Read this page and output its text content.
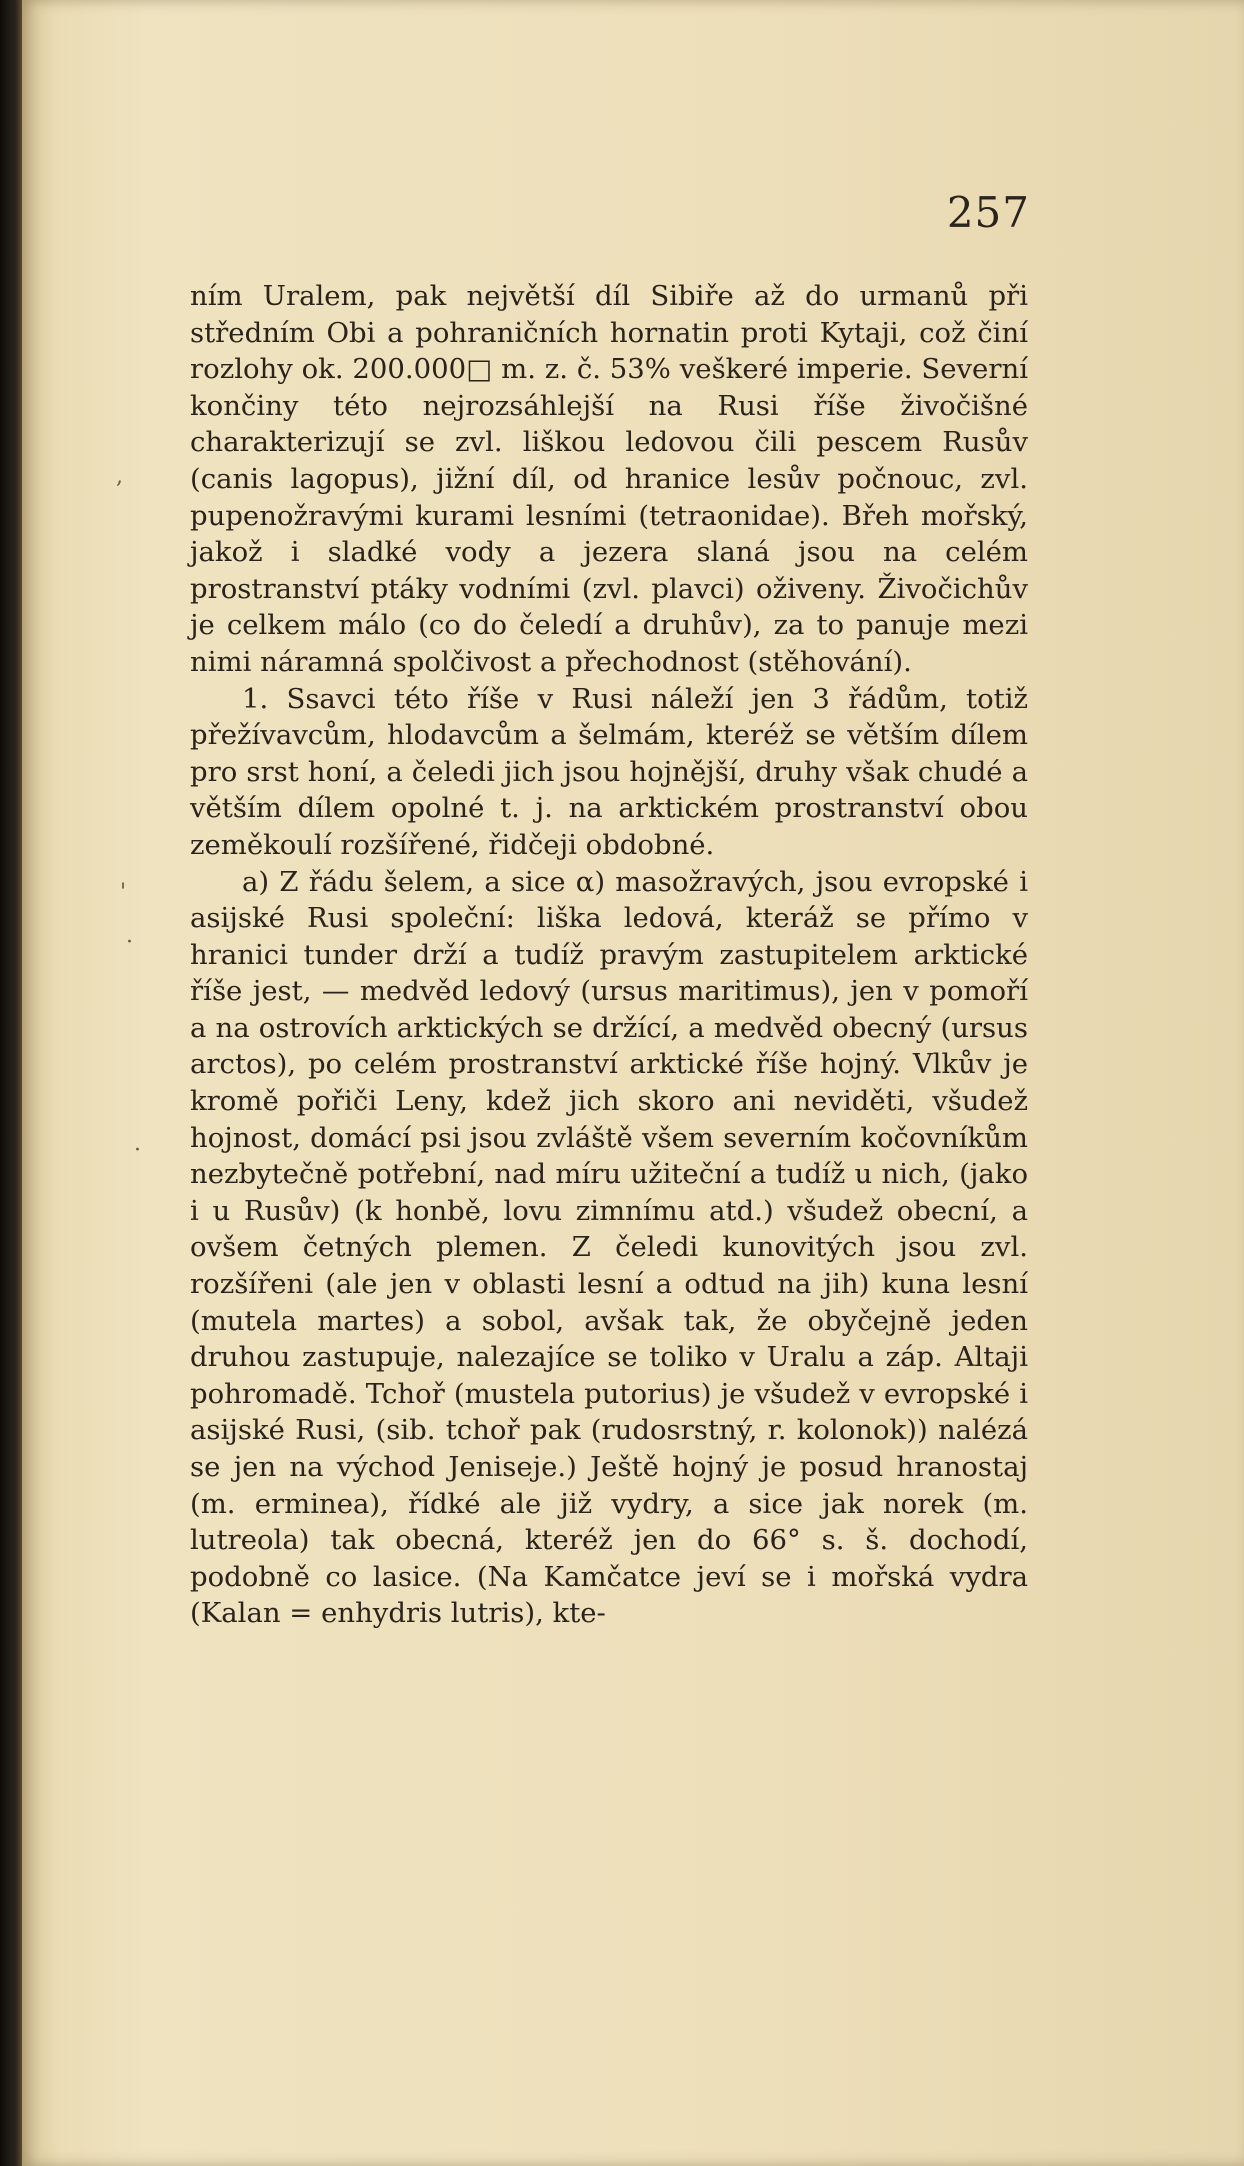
257

ním Uralem, pak největší díl Sibiře až do urmanů při středním Obi a pohraničních hornatin proti Kytaji, což činí rozlohy ok. 200.000□ m. z. č. 53% veškeré imperie. Severní končiny této nejrozsáhlejší na Rusi říše živočišné charakterizují se zvl. liškou ledovou čili pescem Rusův (canis lagopus), jižní díl, od hranice lesův počnouc, zvl. pupenožravými kurami lesními (tetraonidae). Břeh mořský, jakož i sladké vody a jezera slaná jsou na celém prostranství ptáky vodními (zvl. plavci) oživeny. Živočichův je celkem málo (co do čeledí a druhův), za to panuje mezi nimi náramná spolčivost a přechodnost (stěhování).

1. Ssavci této říše v Rusi náleží jen 3 řádům, totiž přežívavcům, hlodavcům a šelmám, kteréž se větším dílem pro srst honí, a čeledi jich jsou hojnější, druhy však chudé a větším dílem opolné t. j. na arktickém prostranství obou zeměkoulí rozšířené, řidčeji obdobné.

a) Z řádu šelem, a sice α) masožravých, jsou evropské i asijské Rusi společní: liška ledová, kteráž se přímo v hranici tunder drží a tudíž pravým zastupitelem arktické říše jest, — medvěd ledový (ursus maritimus), jen v pomoří a na ostrovích arktických se držící, a medvěd obecný (ursus arctos), po celém prostranství arktické říše hojný. Vlkův je kromě pořiči Leny, kdež jich skoro ani neviděti, všudež hojnost, domácí psi jsou zvláště všem severním kočovníkům nezbytečně potřební, nad míru užiteční a tudíž u nich, (jako i u Rusův) (k honbě, lovu zimnímu atd.) všudež obecní, a ovšem četných plemen. Z čeledi kunovitých jsou zvl. rozšířeni (ale jen v oblasti lesní a odtud na jih) kuna lesní (mutela martes) a sobol, avšak tak, že obyčejně jeden druhou zastupuje, nalezajíce se toliko v Uralu a záp. Altaji pohromadě. Tchoř (mustela putorius) je všudež v evropské i asijské Rusi, (sib. tchoř pak (rudosrstný, r. kolonok)) nalézá se jen na východ Jeniseje.) Ještě hojný je posud hranostaj (m. erminea), řídké ale již vydry, a sice jak norek (m. lutreola) tak obecná, kteréž jen do 66° s. š. dochodí, podobně co lasice. (Na Kamčatce jeví se i mořská vydra (Kalan = enhydris lutris), kte-

,
'
·
·
